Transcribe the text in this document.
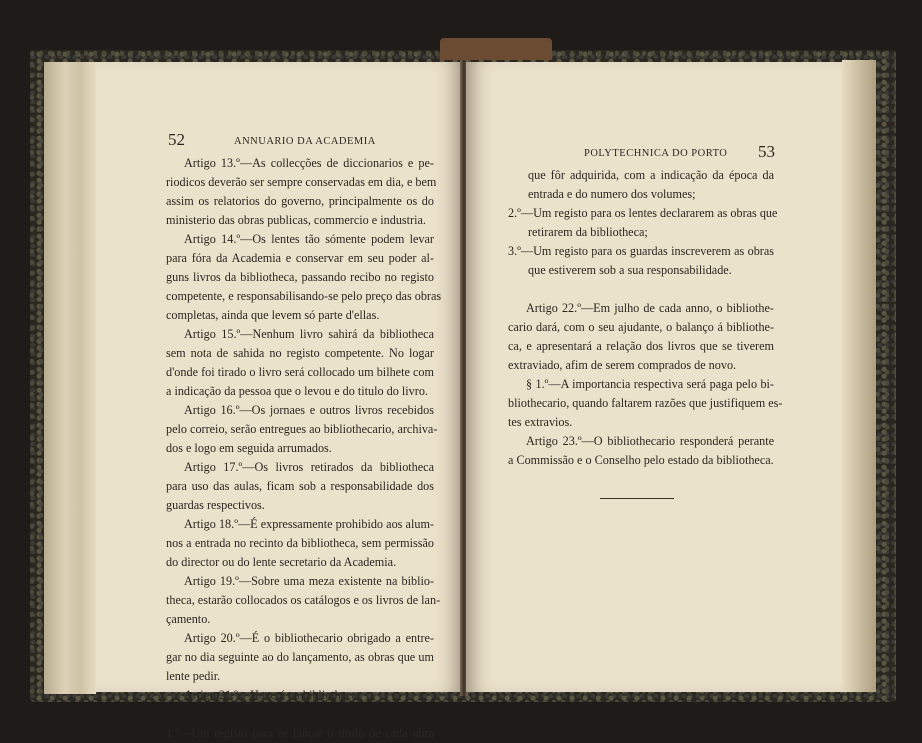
52	ANNUARIO DA ACADEMIA
Artigo 13.º—As collecções de diccionarios e pe-
riodicos deverão ser sempre conservadas em dia, e bem
assim os relatorios do governo, principalmente os do
ministerio das obras publicas, commercio e industria.
Artigo 14.º—Os lentes tão sómente podem levar
para fóra da Academia e conservar em seu poder al-
guns livros da bibliotheca, passando recibo no registo
competente, e responsabilisando-se pelo preço das obras
completas, ainda que levem só parte d'ellas.
Artigo 15.º—Nenhum livro sahirá da bibliotheca
sem nota de sahida no registo competente. No logar
d'onde foi tirado o livro será collocado um bilhete com
a indicação da pessoa que o levou e do titulo do livro.
Artigo 16.º—Os jornaes e outros livros recebidos
pelo correio, serão entregues ao bibliothecario, archiva-
dos e logo em seguida arrumados.
Artigo 17.º—Os livros retirados da bibliotheca
para uso das aulas, ficam sob a responsabilidade dos
guardas respectivos.
Artigo 18.º—É expressamente prohibido aos alum-
nos a entrada no recinto da bibliotheca, sem permissão
do director ou do lente secretario da Academia.
Artigo 19.º—Sobre uma meza existente na biblio-
theca, estarão collocados os catálogos e os livros de lan-
çamento.
Artigo 20.º—É o bibliothecario obrigado a entre-
gar no dia seguinte ao do lançamento, as obras que um
lente pedir.
Artigo 21.º—Haverá na bibliotheca:
1.º—Um registo para se lançar o titulo de cada obra
POLYTECHNICA DO PORTO 53
que fôr adquirida, com a indicação da época da
entrada e do numero dos volumes;
2.º—Um registo para os lentes declararem as obras que
retirarem da bibliotheca;
3.º—Um registo para os guardas inscreverem as obras
que estiverem sob a sua responsabilidade.
Artigo 22.º—Em julho de cada anno, o bibliothe-
cario dará, com o seu ajudante, o balanço á bibliothe-
ca, e apresentará a relação dos livros que se tiverem
extraviado, afim de serem comprados de novo.
§ 1.º—A importancia respectiva será paga pelo bi-
bliothecario, quando faltarem razões que justifiquem es-
tes extravios.
Artigo 23.º—O bibliothecario responderá perante
a Commissão e o Conselho pelo estado da bibliotheca.
